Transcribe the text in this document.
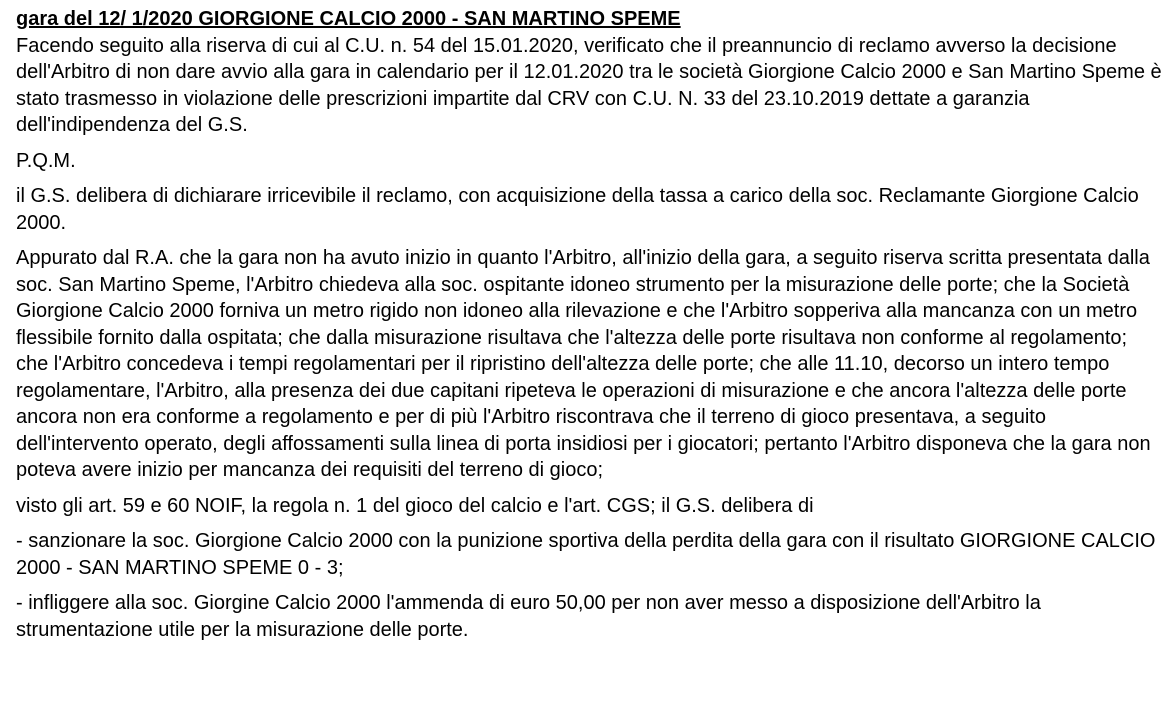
gara del 12/ 1/2020 GIORGIONE CALCIO 2000 - SAN MARTINO SPEME

Facendo seguito alla riserva di cui al C.U. n. 54 del 15.01.2020, verificato che il preannuncio di reclamo avverso la decisione dell'Arbitro di non dare avvio alla gara in calendario per il 12.01.2020 tra le società Giorgione Calcio 2000 e San Martino Speme è stato trasmesso in violazione delle prescrizioni impartite dal CRV con C.U. N. 33 del 23.10.2019 dettate a garanzia dell'indipendenza del G.S.

P.Q.M.

il G.S. delibera di dichiarare irricevibile il reclamo, con acquisizione della tassa a carico della soc. Reclamante Giorgione Calcio 2000.

Appurato dal R.A. che la gara non ha avuto inizio in quanto l'Arbitro, all'inizio della gara, a seguito riserva scritta presentata dalla soc. San Martino Speme, l'Arbitro chiedeva alla soc. ospitante idoneo strumento per la misurazione delle porte; che la Società Giorgione Calcio 2000 forniva un metro rigido non idoneo alla rilevazione e che l'Arbitro sopperiva alla mancanza con un metro flessibile fornito dalla ospitata; che dalla misurazione risultava che l'altezza delle porte risultava non conforme al regolamento; che l'Arbitro concedeva i tempi regolamentari per il ripristino dell'altezza delle porte; che alle 11.10, decorso un intero tempo regolamentare, l'Arbitro, alla presenza dei due capitani ripeteva le operazioni di misurazione e che ancora l'altezza delle porte ancora non era conforme a regolamento e per di più l'Arbitro riscontrava che il terreno di gioco presentava, a seguito dell'intervento operato, degli affossamenti sulla linea di porta insidiosi per i giocatori; pertanto l'Arbitro disponeva che la gara non poteva avere inizio per mancanza dei requisiti del terreno di gioco;

visto gli art. 59 e 60 NOIF, la regola n. 1 del gioco del calcio e l'art. CGS; il G.S. delibera di

- sanzionare la soc. Giorgione Calcio 2000 con la punizione sportiva della perdita della gara con il risultato GIORGIONE CALCIO 2000 - SAN MARTINO SPEME 0 - 3;

- infliggere alla soc. Giorgine Calcio 2000 l'ammenda di euro 50,00 per non aver messo a disposizione dell'Arbitro la strumentazione utile per la misurazione delle porte.
